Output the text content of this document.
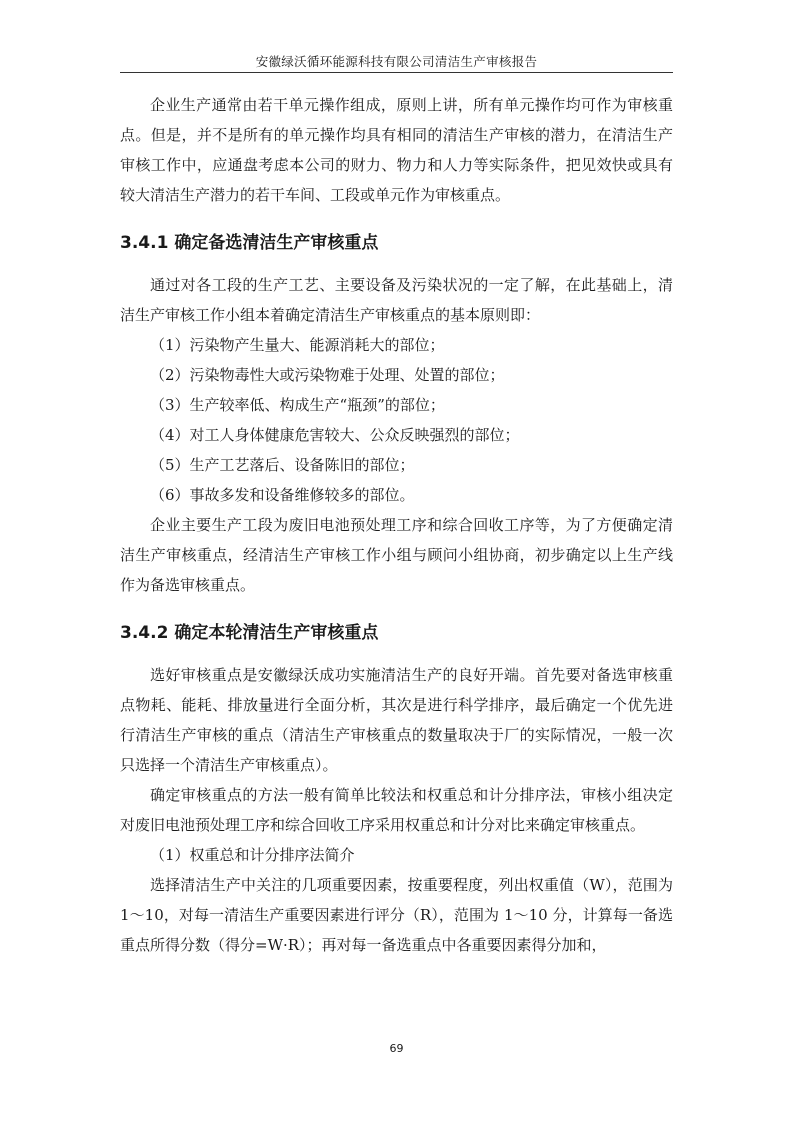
安徽绿沃循环能源科技有限公司清洁生产审核报告

企业生产通常由若干单元操作组成，原则上讲，所有单元操作均可作为审核重点。但是，并不是所有的单元操作均具有相同的清洁生产审核的潜力，在清洁生产审核工作中，应通盘考虑本公司的财力、物力和人力等实际条件，把见效快或具有较大清洁生产潜力的若干车间、工段或单元作为审核重点。

3.4.1 确定备选清洁生产审核重点

通过对各工段的生产工艺、主要设备及污染状况的一定了解，在此基础上，清洁生产审核工作小组本着确定清洁生产审核重点的基本原则即：

（1）污染物产生量大、能源消耗大的部位；

（2）污染物毒性大或污染物难于处理、处置的部位；

（3）生产较率低、构成生产“瓶颈”的部位；

（4）对工人身体健康危害较大、公众反映强烈的部位；

（5）生产工艺落后、设备陈旧的部位；

（6）事故多发和设备维修较多的部位。

企业主要生产工段为废旧电池预处理工序和综合回收工序等，为了方便确定清洁生产审核重点，经清洁生产审核工作小组与顾问小组协商，初步确定以上生产线作为备选审核重点。

3.4.2 确定本轮清洁生产审核重点

选好审核重点是安徽绿沃成功实施清洁生产的良好开端。首先要对备选审核重点物耗、能耗、排放量进行全面分析，其次是进行科学排序，最后确定一个优先进行清洁生产审核的重点（清洁生产审核重点的数量取决于厂的实际情况，一般一次只选择一个清洁生产审核重点）。

确定审核重点的方法一般有简单比较法和权重总和计分排序法，审核小组决定对废旧电池预处理工序和综合回收工序采用权重总和计分对比来确定审核重点。

（1）权重总和计分排序法简介

选择清洁生产中关注的几项重要因素，按重要程度，列出权重值（W），范围为 1～10，对每一清洁生产重要因素进行评分（R），范围为 1～10 分，计算每一备选重点所得分数（得分=W·R）；再对每一备选重点中各重要因素得分加和，

69
